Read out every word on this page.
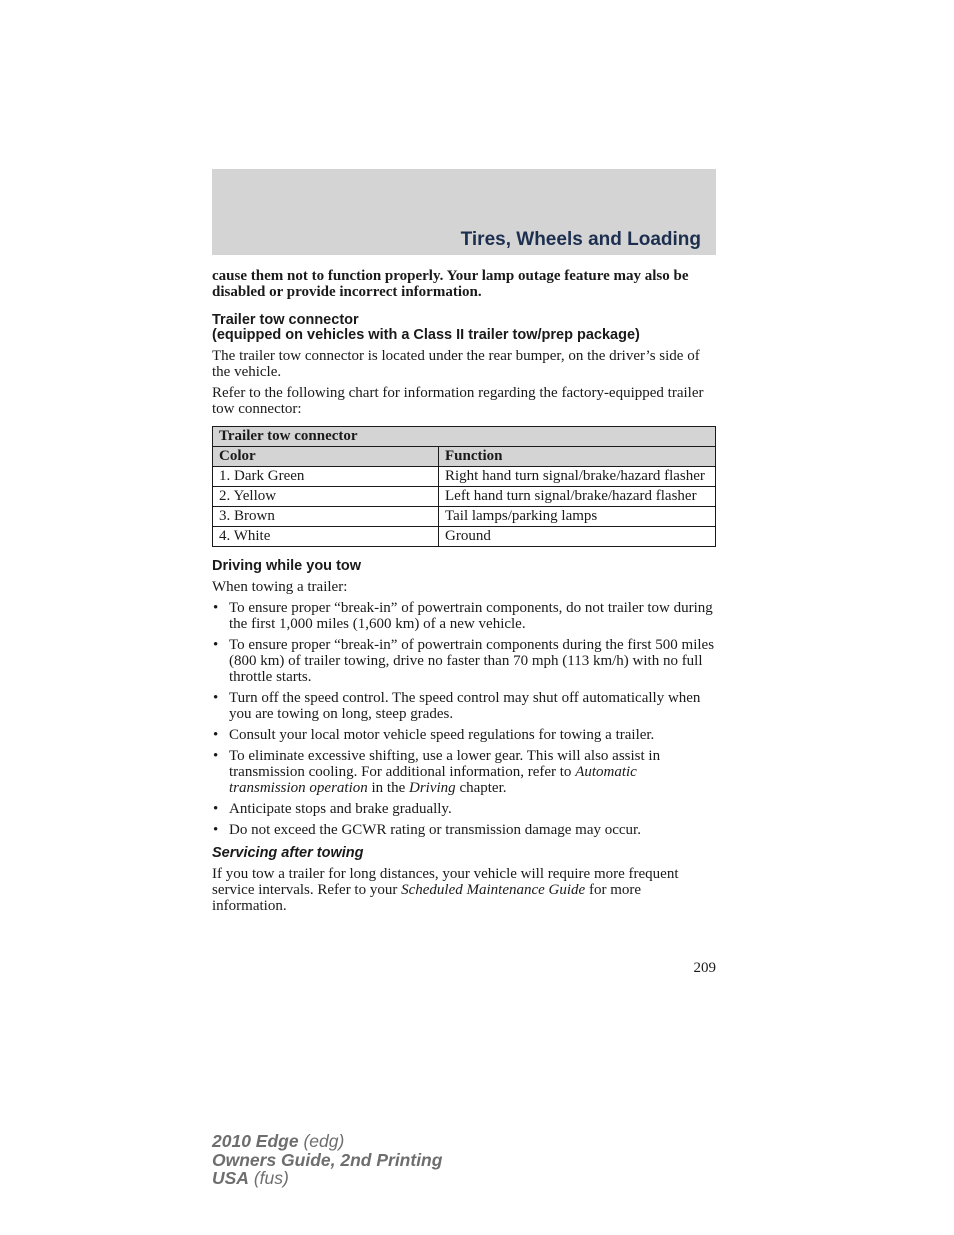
Tires, Wheels and Loading

cause them not to function properly. Your lamp outage feature may also be disabled or provide incorrect information.

Trailer tow connector
(equipped on vehicles with a Class II trailer tow/prep package)

The trailer tow connector is located under the rear bumper, on the driver’s side of the vehicle.

Refer to the following chart for information regarding the factory-equipped trailer tow connector:

Trailer tow connector	
Color	Function
1. Dark Green	Right hand turn signal/brake/hazard flasher
2. Yellow	Left hand turn signal/brake/hazard flasher
3. Brown	Tail lamps/parking lamps
4. White	Ground
Driving while you tow

When towing a trailer:

• To ensure proper “break-in” of powertrain components, do not trailer tow during the first 1,000 miles (1,600 km) of a new vehicle.
• To ensure proper “break-in” of powertrain components during the first 500 miles (800 km) of trailer towing, drive no faster than 70 mph (113 km/h) with no full throttle starts.
• Turn off the speed control. The speed control may shut off automatically when you are towing on long, steep grades.
• Consult your local motor vehicle speed regulations for towing a trailer.
• To eliminate excessive shifting, use a lower gear. This will also assist in transmission cooling. For additional information, refer to Automatic transmission operation in the Driving chapter.
• Anticipate stops and brake gradually.
• Do not exceed the GCWR rating or transmission damage may occur.
Servicing after towing

If you tow a trailer for long distances, your vehicle will require more frequent service intervals. Refer to your Scheduled Maintenance Guide for more information.

209
2010 Edge (edg)
Owners Guide, 2nd Printing
USA (fus)
